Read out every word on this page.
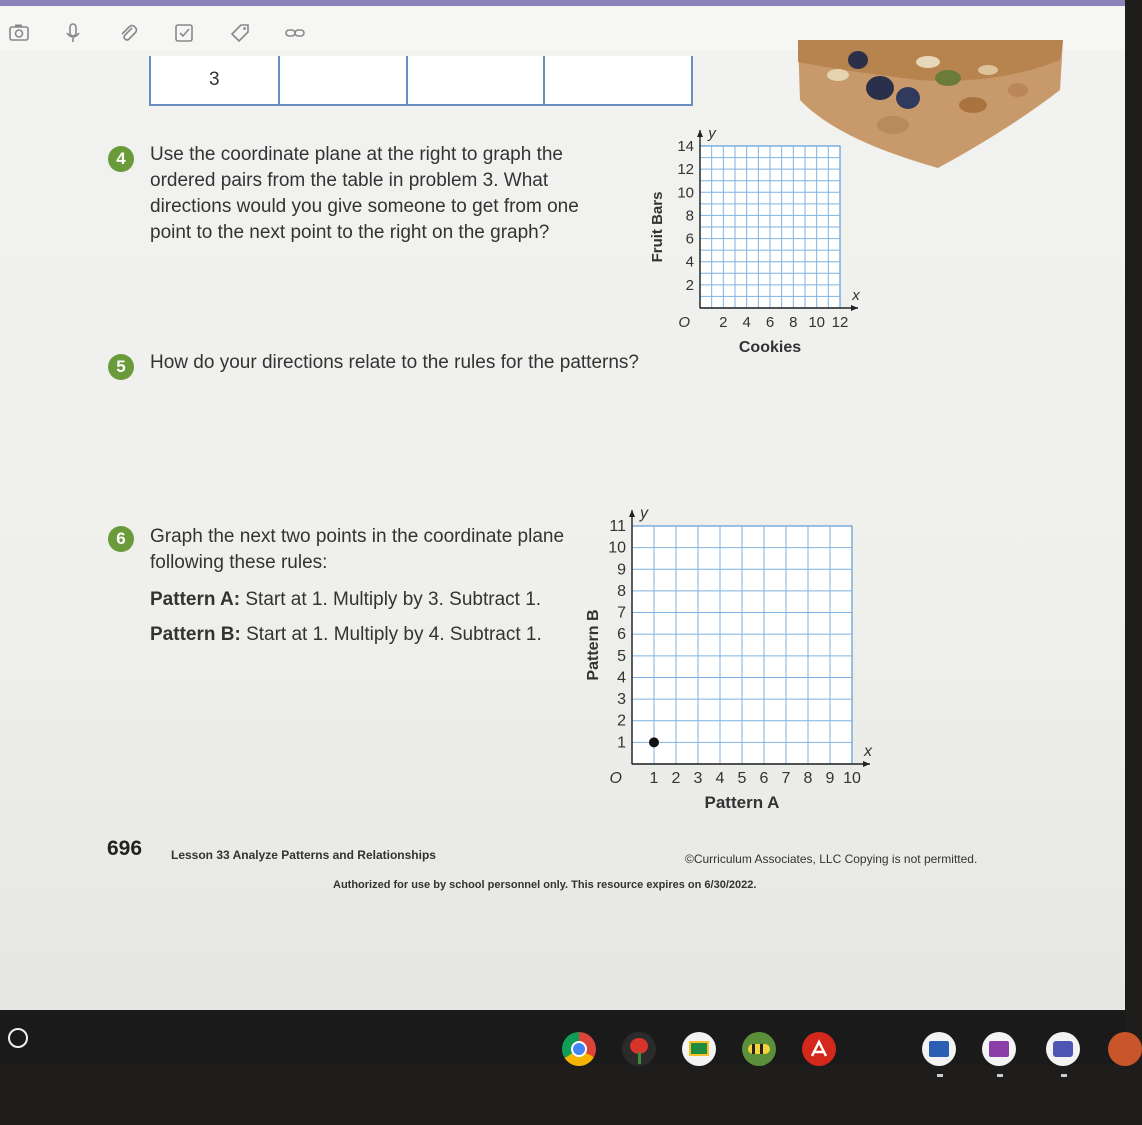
3
4	Use the coordinate plane at the right to graph the
ordered pairs from the table in problem 3. What
directions would you give someone to get from one
point to the next point to the right on the graph?
2 4 6 8 10 12
2
4
6
8
10
12
14
O
x
y
Cookies
Fruit Bars
5	How do your directions relate to the rules for the patterns?
6	Graph the next two points in the coordinate plane
following these rules:
Pattern A: Start at 1. Multiply by 3. Subtract 1.
Pattern B: Start at 1. Multiply by 4. Subtract 1.
1 2 3 4 5 6 7 8 9 10
1
2
3
4
5
6
7
8
9
10
11
O
x
y
Pattern A
Pattern B
696 Lesson 33 Analyze Patterns and Relationships	©Curriculum Associates, LLC Copying is not permitted.
Authorized for use by school personnel only. This resource expires on 6/30/2022.
